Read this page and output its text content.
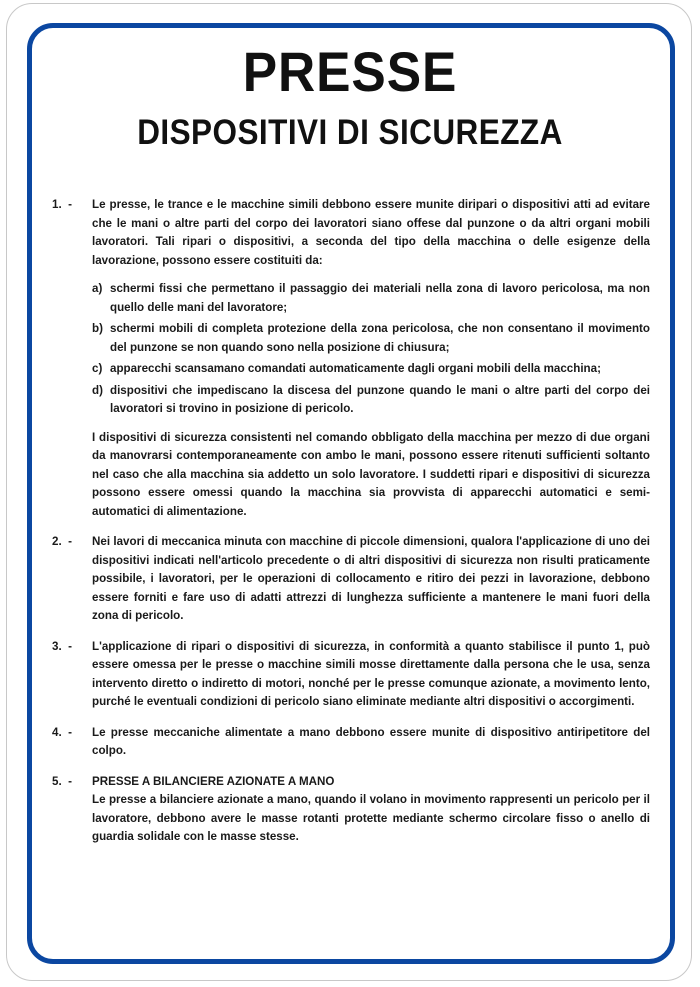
PRESSE
DISPOSITIVI DI SICUREZZA
1.  -	Le presse, le trance e le macchine simili debbono essere munite diripari o dispositivi atti ad evitare che le mani o altre parti del corpo dei lavoratori siano offese dal punzone o da altri organi mobili lavoratori. Tali ripari o dispositivi, a seconda del tipo della macchina o delle esigenze della lavorazione, possono essere costituiti da:

a) schermi fissi che permettano il passaggio dei materiali nella zona di lavoro pericolosa, ma non quello delle mani del lavoratore;
b) schermi mobili di completa protezione della zona pericolosa, che non consentano il movimento del punzone se non quando sono nella posizione di chiusura;
c) apparecchi scansamano comandati automaticamente dagli organi mobili della macchina;
d) dispositivi che impediscano la discesa del punzone quando le mani o altre parti del corpo dei lavoratori si trovino in posizione di pericolo.

I dispositivi di sicurezza consistenti nel comando obbligato della macchina per mezzo di due organi da manovrarsi contemporaneamente con ambo le mani, possono essere ritenuti sufficienti soltanto nel caso che alla macchina sia addetto un solo lavoratore. I suddetti ripari e dispositivi di sicurezza possono essere omessi quando la macchina sia provvista di apparecchi automatici e semi-automatici di alimentazione.

2.  -	Nei lavori di meccanica minuta con macchine di piccole dimensioni, qualora l'applicazione di uno dei dispositivi indicati nell'articolo precedente o di altri dispositivi di sicurezza non risulti praticamente possibile, i lavoratori, per le operazioni di collocamento e ritiro dei pezzi in lavorazione, debbono essere forniti e fare uso di adatti attrezzi di lunghezza sufficiente a mantenere le mani fuori della zona di pericolo.

3.  -	L'applicazione di ripari o dispositivi di sicurezza, in conformità a quanto stabilisce il punto 1, può essere omessa per le presse o macchine simili mosse direttamente dalla persona che le usa, senza intervento diretto o indiretto di motori, nonché per le presse comunque azionate, a movimento lento, purché le eventuali condizioni di pericolo siano eliminate mediante altri dispositivi o accorgimenti.

4.  -	Le presse meccaniche alimentate a mano debbono essere munite di dispositivo antiripetitore del colpo.

5.  -	PRESSE A BILANCIERE AZIONATE A MANO

Le presse a bilanciere azionate a mano, quando il volano in movimento rappresenti un pericolo per il lavoratore, debbono avere le masse rotanti protette mediante schermo circolare fisso o anello di guardia solidale con le masse stesse.
